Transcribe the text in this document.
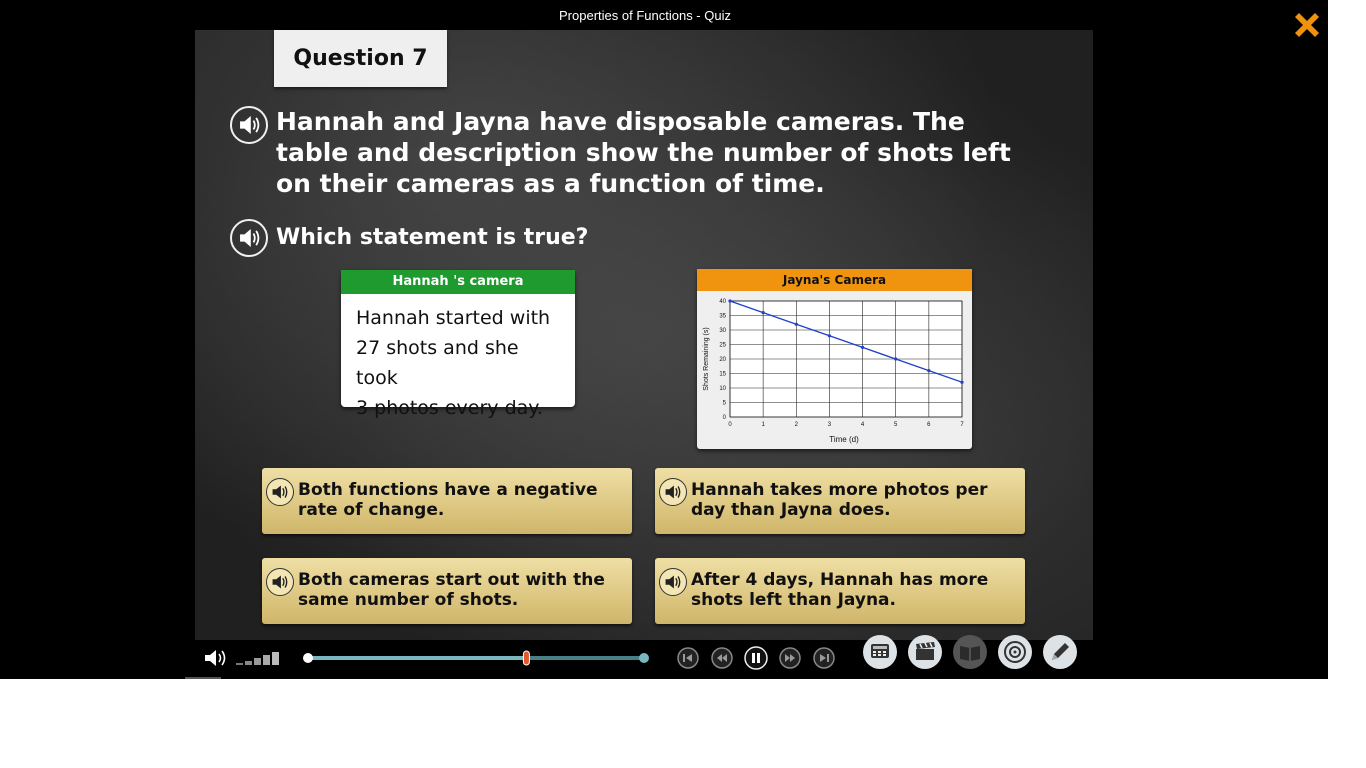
Properties of Functions - Quiz
Question 7
Hannah and Jayna have disposable cameras. The table and description show the number of shots left on their cameras as a function of time.
Which statement is true?
Hannah 's camera
Hannah started with
27 shots and she took
3 photos every day.
Jayna's Camera
0	1	2	3	4	5	6	7
0
5
10
15
20
25
30
35
40
Time (d)
Shots Remaining (s)
Both functions have a negative rate of change.
Hannah takes more photos per day than Jayna does.
Both cameras start out with the same number of shots.
After 4 days, Hannah has more shots left than Jayna.
